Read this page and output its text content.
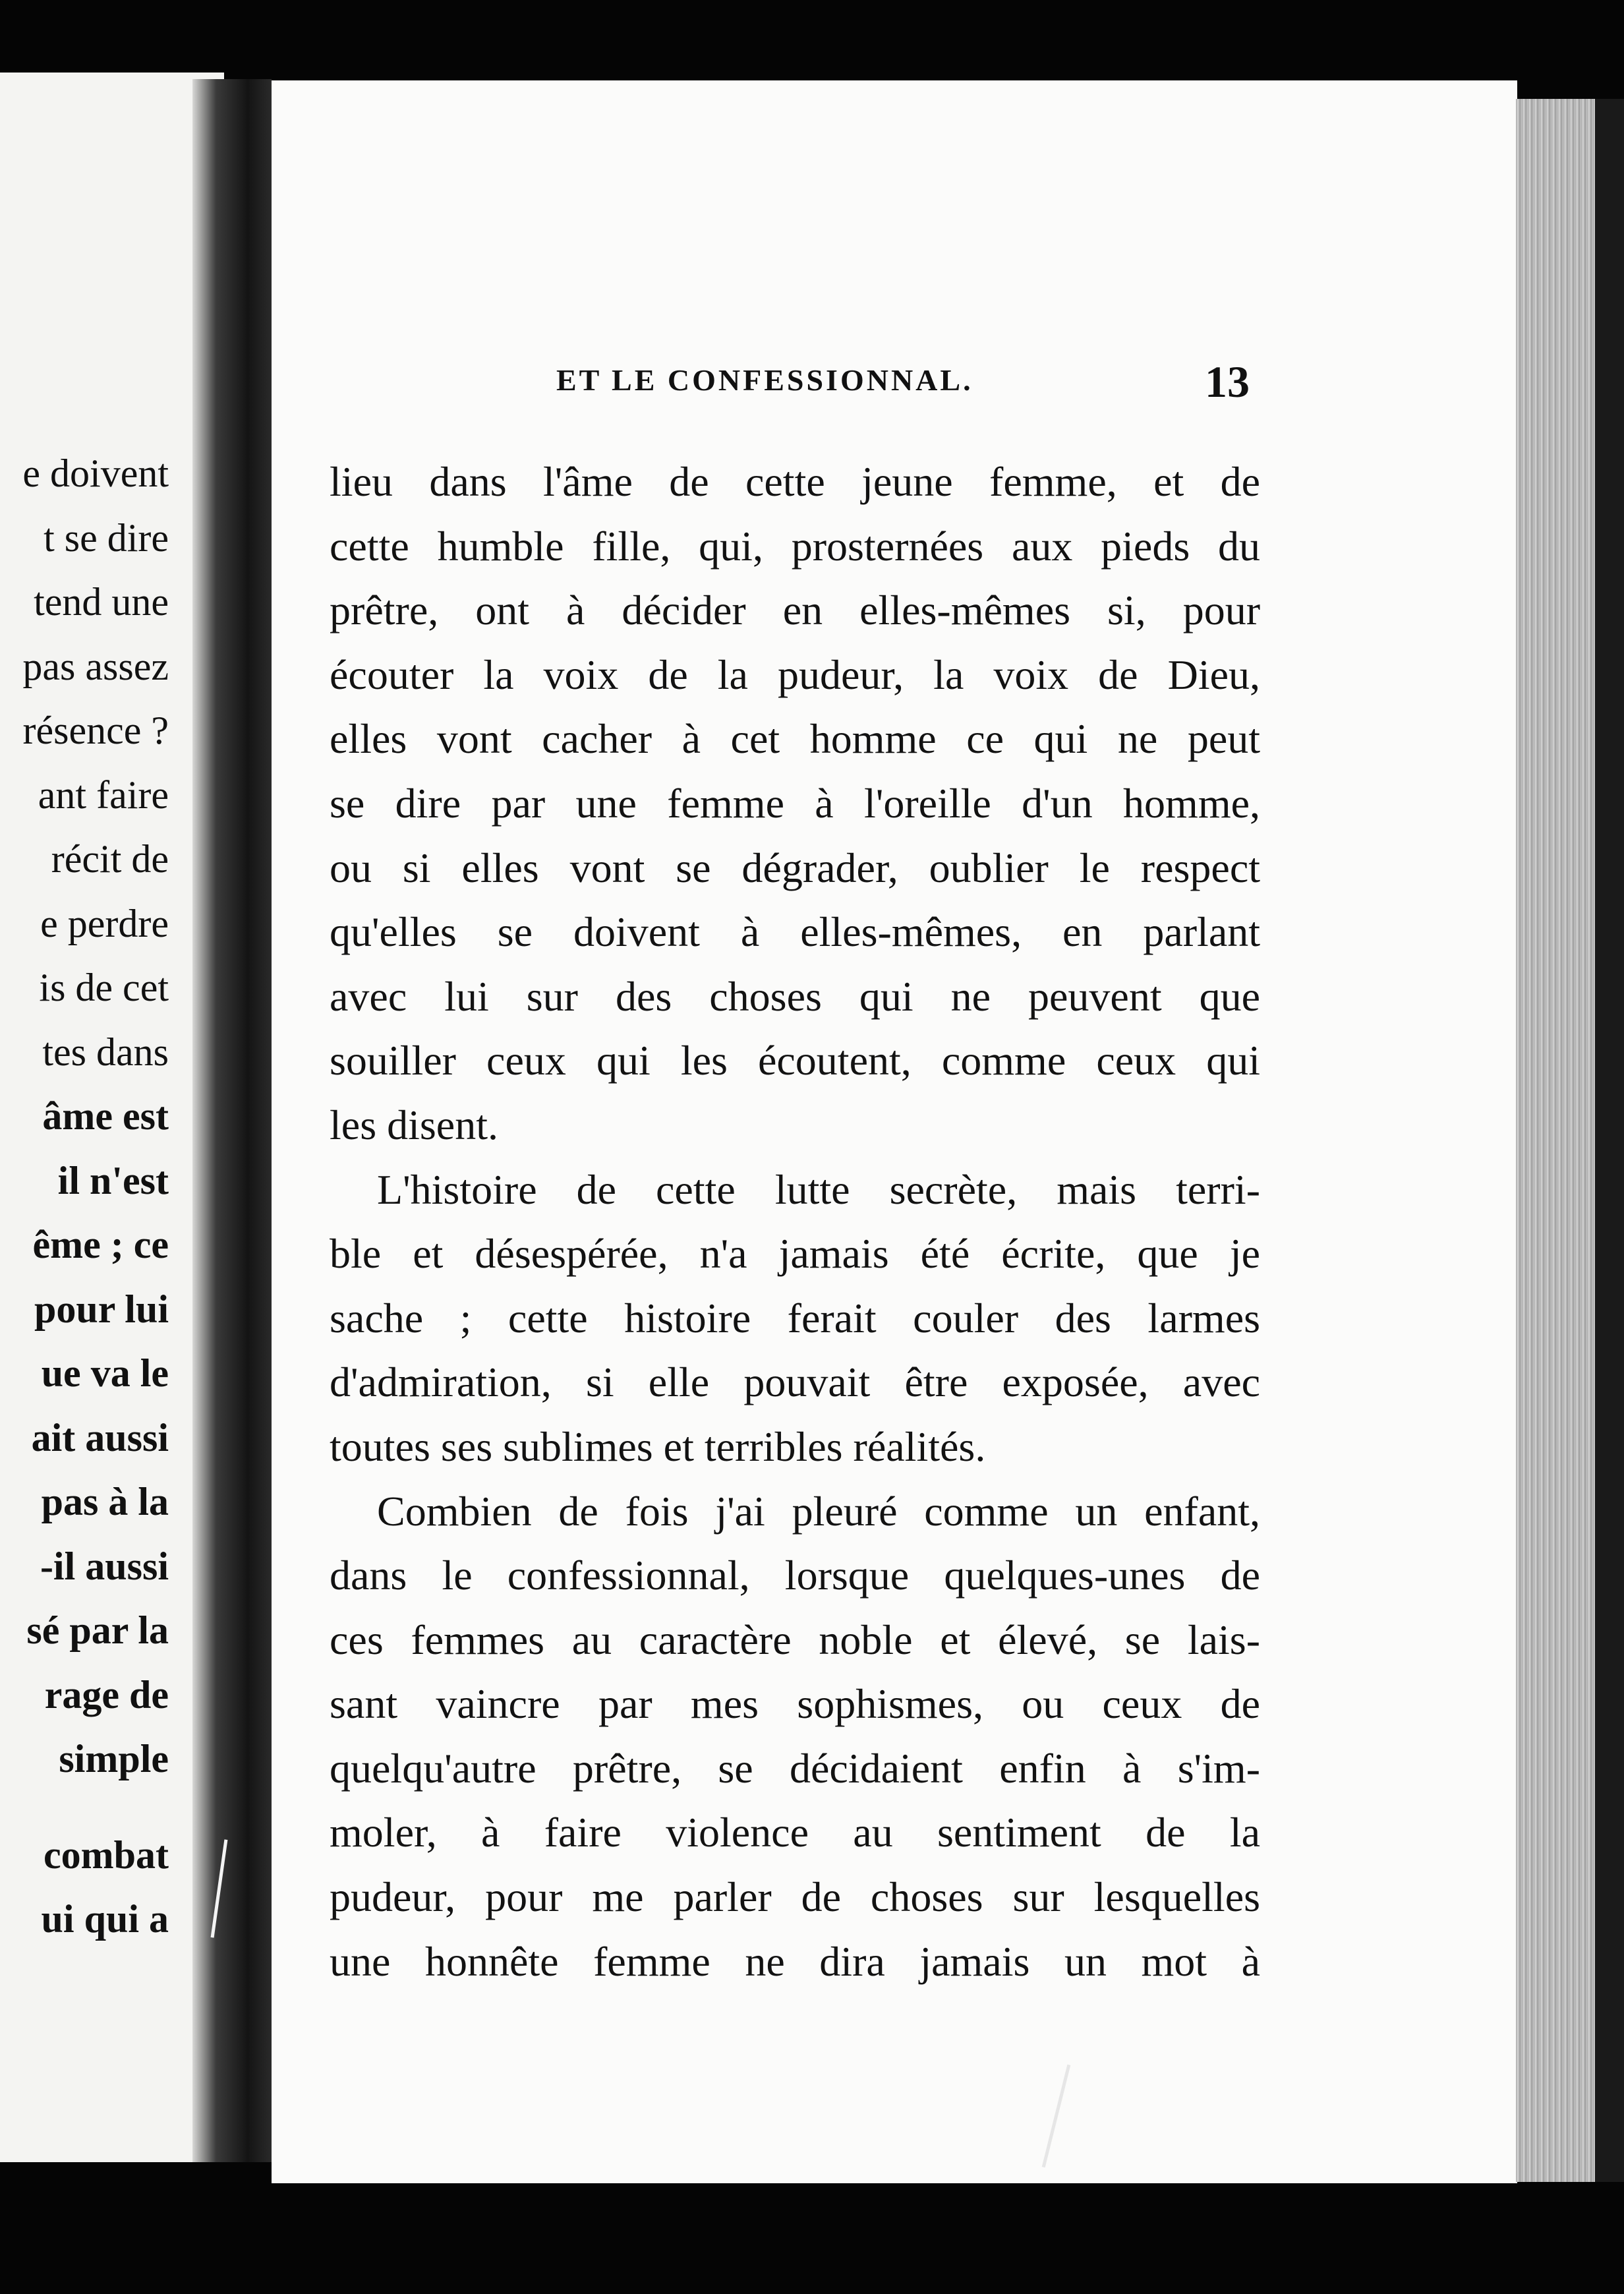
e doivent
t se dire
tend une
pas assez
résence ?
ant faire
récit de
e perdre
is de cet
tes dans
âme est
il n'est
ême ; ce
pour lui
ue va le
ait aussi
pas à la
-il aussi
sé par la
rage de
simple
combat
ui qui a
ET LE CONFESSIONNAL.	13
lieu dans l'âme de cette jeune femme, et de
cette humble fille, qui, prosternées aux pieds du
prêtre, ont à décider en elles-mêmes si, pour
écouter la voix de la pudeur, la voix de Dieu,
elles vont cacher à cet homme ce qui ne peut
se dire par une femme à l'oreille d'un homme,
ou si elles vont se dégrader, oublier le respect
qu'elles se doivent à elles-mêmes, en parlant
avec lui sur des choses qui ne peuvent que
souiller ceux qui les écoutent, comme ceux qui
les disent.
L'histoire de cette lutte secrète, mais terri-
ble et désespérée, n'a jamais été écrite, que je
sache ; cette histoire ferait couler des larmes
d'admiration, si elle pouvait être exposée, avec
toutes ses sublimes et terribles réalités.
Combien de fois j'ai pleuré comme un enfant,
dans le confessionnal, lorsque quelques-unes de
ces femmes au caractère noble et élevé, se lais-
sant vaincre par mes sophismes, ou ceux de
quelqu'autre prêtre, se décidaient enfin à s'im-
moler, à faire violence au sentiment de la
pudeur, pour me parler de choses sur lesquelles
une honnête femme ne dira jamais un mot à
